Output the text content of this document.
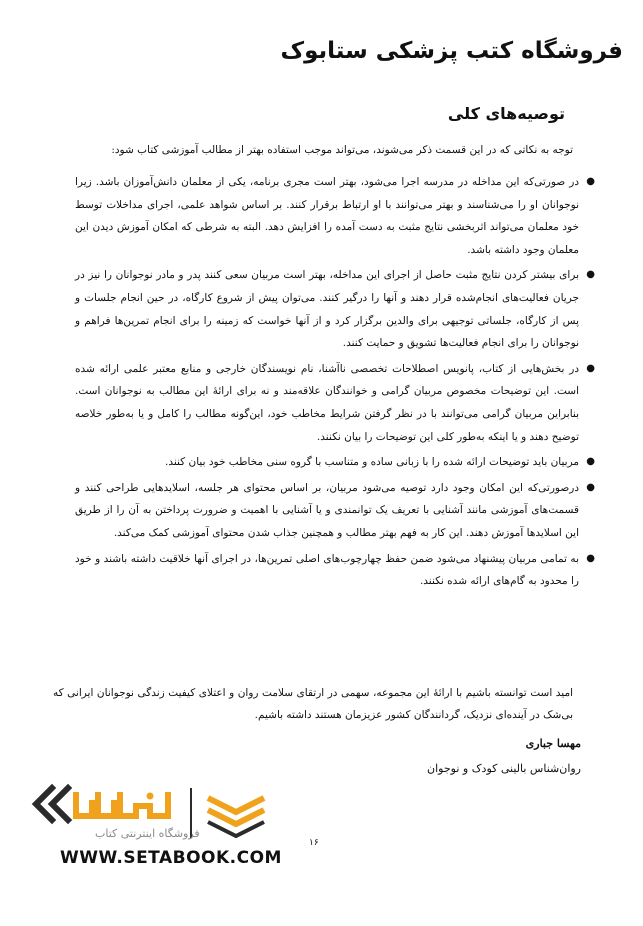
فروشگاه کتب پزشکی ستابوک
توصیه‌های کلی
توجه به نکاتی که در این قسمت ذکر می‌شوند، می‌تواند موجب استفاده بهتر از مطالب آموزشی کتاب شود:
●
در صورتی‌که این مداخله در مدرسه اجرا می‌شود، بهتر است مجری برنامه، یکی از معلمان دانش‌آموزان باشد. زیرا نوجوانان او را می‌شناسند و بهتر می‌توانند با او ارتباط برقرار کنند. بر اساس شواهد علمی، اجرای مداخلات توسط خود معلمان می‌تواند اثربخشی نتایج مثبت به دست آمده را افزایش دهد. البته به شرطی که امکان آموزش دیدن این معلمان وجود داشته باشد.
●
برای بیشتر کردن نتایج مثبت حاصل از اجرای این مداخله، بهتر است مربیان سعی کنند پدر و مادر نوجوانان را نیز در جریان فعالیت‌های انجام‌شده قرار دهند و آنها را درگیر کنند. می‌توان پیش از شروع کارگاه، در حین انجام جلسات و پس از کارگاه، جلساتی توجیهی برای والدین برگزار کرد و از آنها خواست که زمینه را برای انجام تمرین‌ها فراهم و نوجوانان را برای انجام فعالیت‌ها تشویق و حمایت کنند.
●
در بخش‌هایی از کتاب، پانویس اصطلاحات تخصصی ناآشنا، نام نویسندگان خارجی و منابع معتبر علمی ارائه شده است. این توضیحات مخصوص مربیان گرامی و خوانندگان علاقه‌مند و نه برای ارائهٔ این مطالب به نوجوانان است. بنابراین مربیان گرامی می‌توانند با در نظر گرفتن شرایط مخاطب خود، این‌گونه مطالب را کامل و یا به‌طور خلاصه توضیح دهند و یا اینکه به‌طور کلی این توضیحات را بیان نکنند.
●
مربیان باید توضیحات ارائه شده را با زبانی ساده و متناسب با گروه سنی مخاطب خود بیان کنند.
●
درصورتی‌که این امکان وجود دارد توصیه می‌شود مربیان، بر اساس محتوای هر جلسه، اسلایدهایی طراحی کنند و قسمت‌های آموزشی مانند آشنایی با تعریف یک توانمندی و یا آشنایی با اهمیت و ضرورت پرداختن به آن را از طریق این اسلایدها آموزش دهند. این کار به فهم بهتر مطالب و همچنین جذاب شدن محتوای آموزشی کمک می‌کند.
●
به تمامی مربیان پیشنهاد می‌شود ضمن حفظ چهارچوب‌های اصلی تمرین‌ها، در اجرای آنها خلاقیت داشته باشند و خود را محدود به گام‌های ارائه شده نکنند.
امید است توانسته باشیم با ارائهٔ این مجموعه، سهمی در ارتقای سلامت روان و اعتلای کیفیت زندگی نوجوانان ایرانی که بی‌شک در آینده‌ای نزدیک، گردانندگان کشور عزیزمان هستند داشته باشیم.
مهسا جباری
روان‌شناس بالینی کودک و نوجوان
فروشگاه اینترنتی کتاب
WWW.SETABOOK.COM
۱۶
